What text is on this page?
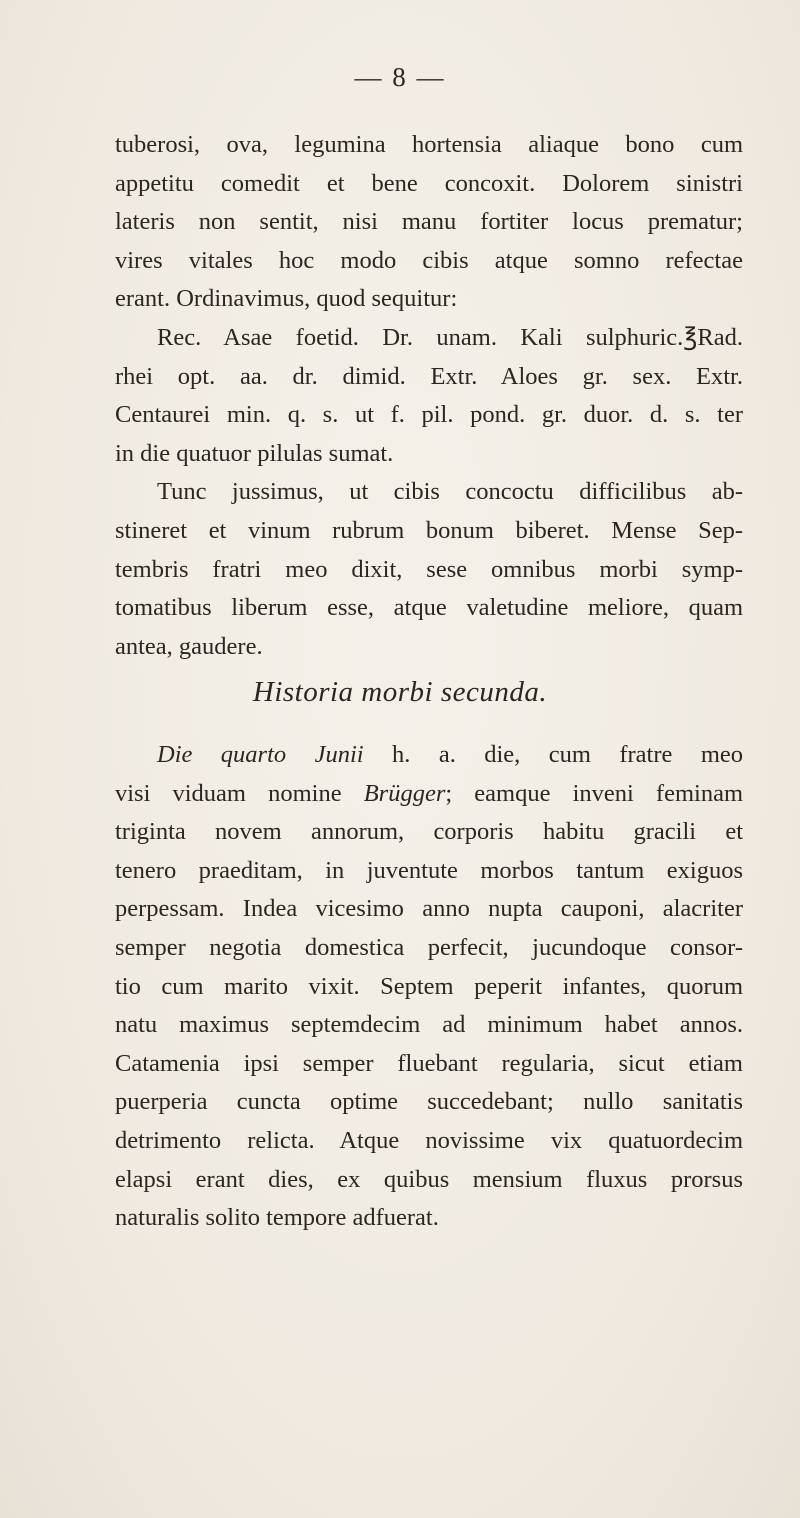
— 8 —
tuberosi, ova, legumina hortensia aliaque bono cum
appetitu comedit et bene concoxit. Dolorem sinistri
lateris non sentit, nisi manu fortiter locus prematur;
vires vitales hoc modo cibis atque somno refectae
erant. Ordinavimus, quod sequitur:
Rec. Asae foetid. Dr. unam. Kali sulphuric.℥Rad.
rhei opt. aa. dr. dimid. Extr. Aloes gr. sex. Extr.
Centaurei min. q. s. ut f. pil. pond. gr. duor. d. s. ter
in die quatuor pilulas sumat.
Tunc jussimus, ut cibis concoctu difficilibus ab-
stineret et vinum rubrum bonum biberet. Mense Sep-
tembris fratri meo dixit, sese omnibus morbi symp-
tomatibus liberum esse, atque valetudine meliore, quam
antea, gaudere.
Historia morbi secunda.
Die quarto Junii h. a. die, cum fratre meo
visi viduam nomine Brügger; eamque inveni feminam
triginta novem annorum, corporis habitu gracili et
tenero praeditam, in juventute morbos tantum exiguos
perpessam. Indea vicesimo anno nupta cauponi, alacriter
semper negotia domestica perfecit, jucundoque consor-
tio cum marito vixit. Septem peperit infantes, quorum
natu maximus septemdecim ad minimum habet annos.
Catamenia ipsi semper fluebant regularia, sicut etiam
puerperia cuncta optime succedebant; nullo sanitatis
detrimento relicta. Atque novissime vix quatuordecim
elapsi erant dies, ex quibus mensium fluxus prorsus
naturalis solito tempore adfuerat.
